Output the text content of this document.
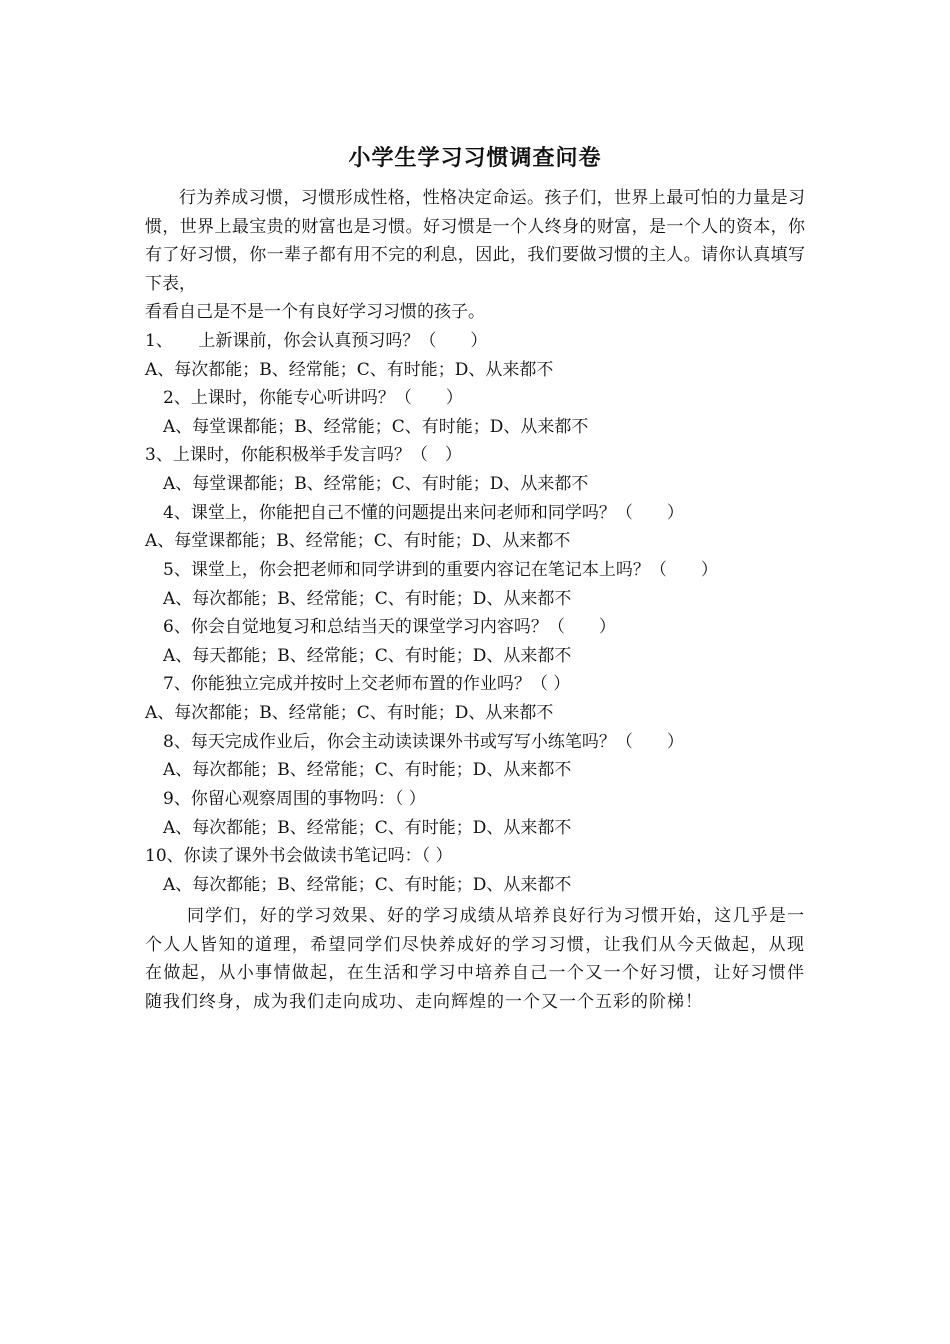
小学生学习习惯调查问卷

行为养成习惯，习惯形成性格，性格决定命运。孩子们，世界上最可怕的力量是习惯，世界上最宝贵的财富也是习惯。好习惯是一个人终身的财富，是一个人的资本，你有了好习惯，你一辈子都有用不完的利息，因此，我们要做习惯的主人。请你认真填写下表，

看看自己是不是一个有良好学习习惯的孩子。

1、　　上新课前，你会认真预习吗？（　　）

A、每次都能；B、经常能；C、有时能；D、从来都不

2、上课时，你能专心听讲吗？（　　）

A、每堂课都能；B、经常能；C、有时能；D、从来都不

3、上课时，你能积极举手发言吗？（　）

A、每堂课都能；B、经常能；C、有时能；D、从来都不

4、课堂上，你能把自己不懂的问题提出来问老师和同学吗？（　　）

A、每堂课都能；B、经常能；C、有时能；D、从来都不

5、课堂上，你会把老师和同学讲到的重要内容记在笔记本上吗？（　　）

A、每次都能；B、经常能；C、有时能；D、从来都不

6、你会自觉地复习和总结当天的课堂学习内容吗？（　　）

A、每天都能；B、经常能；C、有时能；D、从来都不

7、你能独立完成并按时上交老师布置的作业吗？（ ）

A、每次都能；B、经常能；C、有时能；D、从来都不

8、每天完成作业后，你会主动读读课外书或写写小练笔吗？（　　）

A、每次都能；B、经常能；C、有时能；D、从来都不

9、你留心观察周围的事物吗：（ ）

A、每次都能；B、经常能；C、有时能；D、从来都不

10、你读了课外书会做读书笔记吗：（ ）

A、每次都能；B、经常能；C、有时能；D、从来都不

同学们，好的学习效果、好的学习成绩从培养良好行为习惯开始，这几乎是一个人人皆知的道理，希望同学们尽快养成好的学习习惯，让我们从今天做起，从现在做起，从小事情做起，在生活和学习中培养自己一个又一个好习惯，让好习惯伴随我们终身，成为我们走向成功、走向辉煌的一个又一个五彩的阶梯！
